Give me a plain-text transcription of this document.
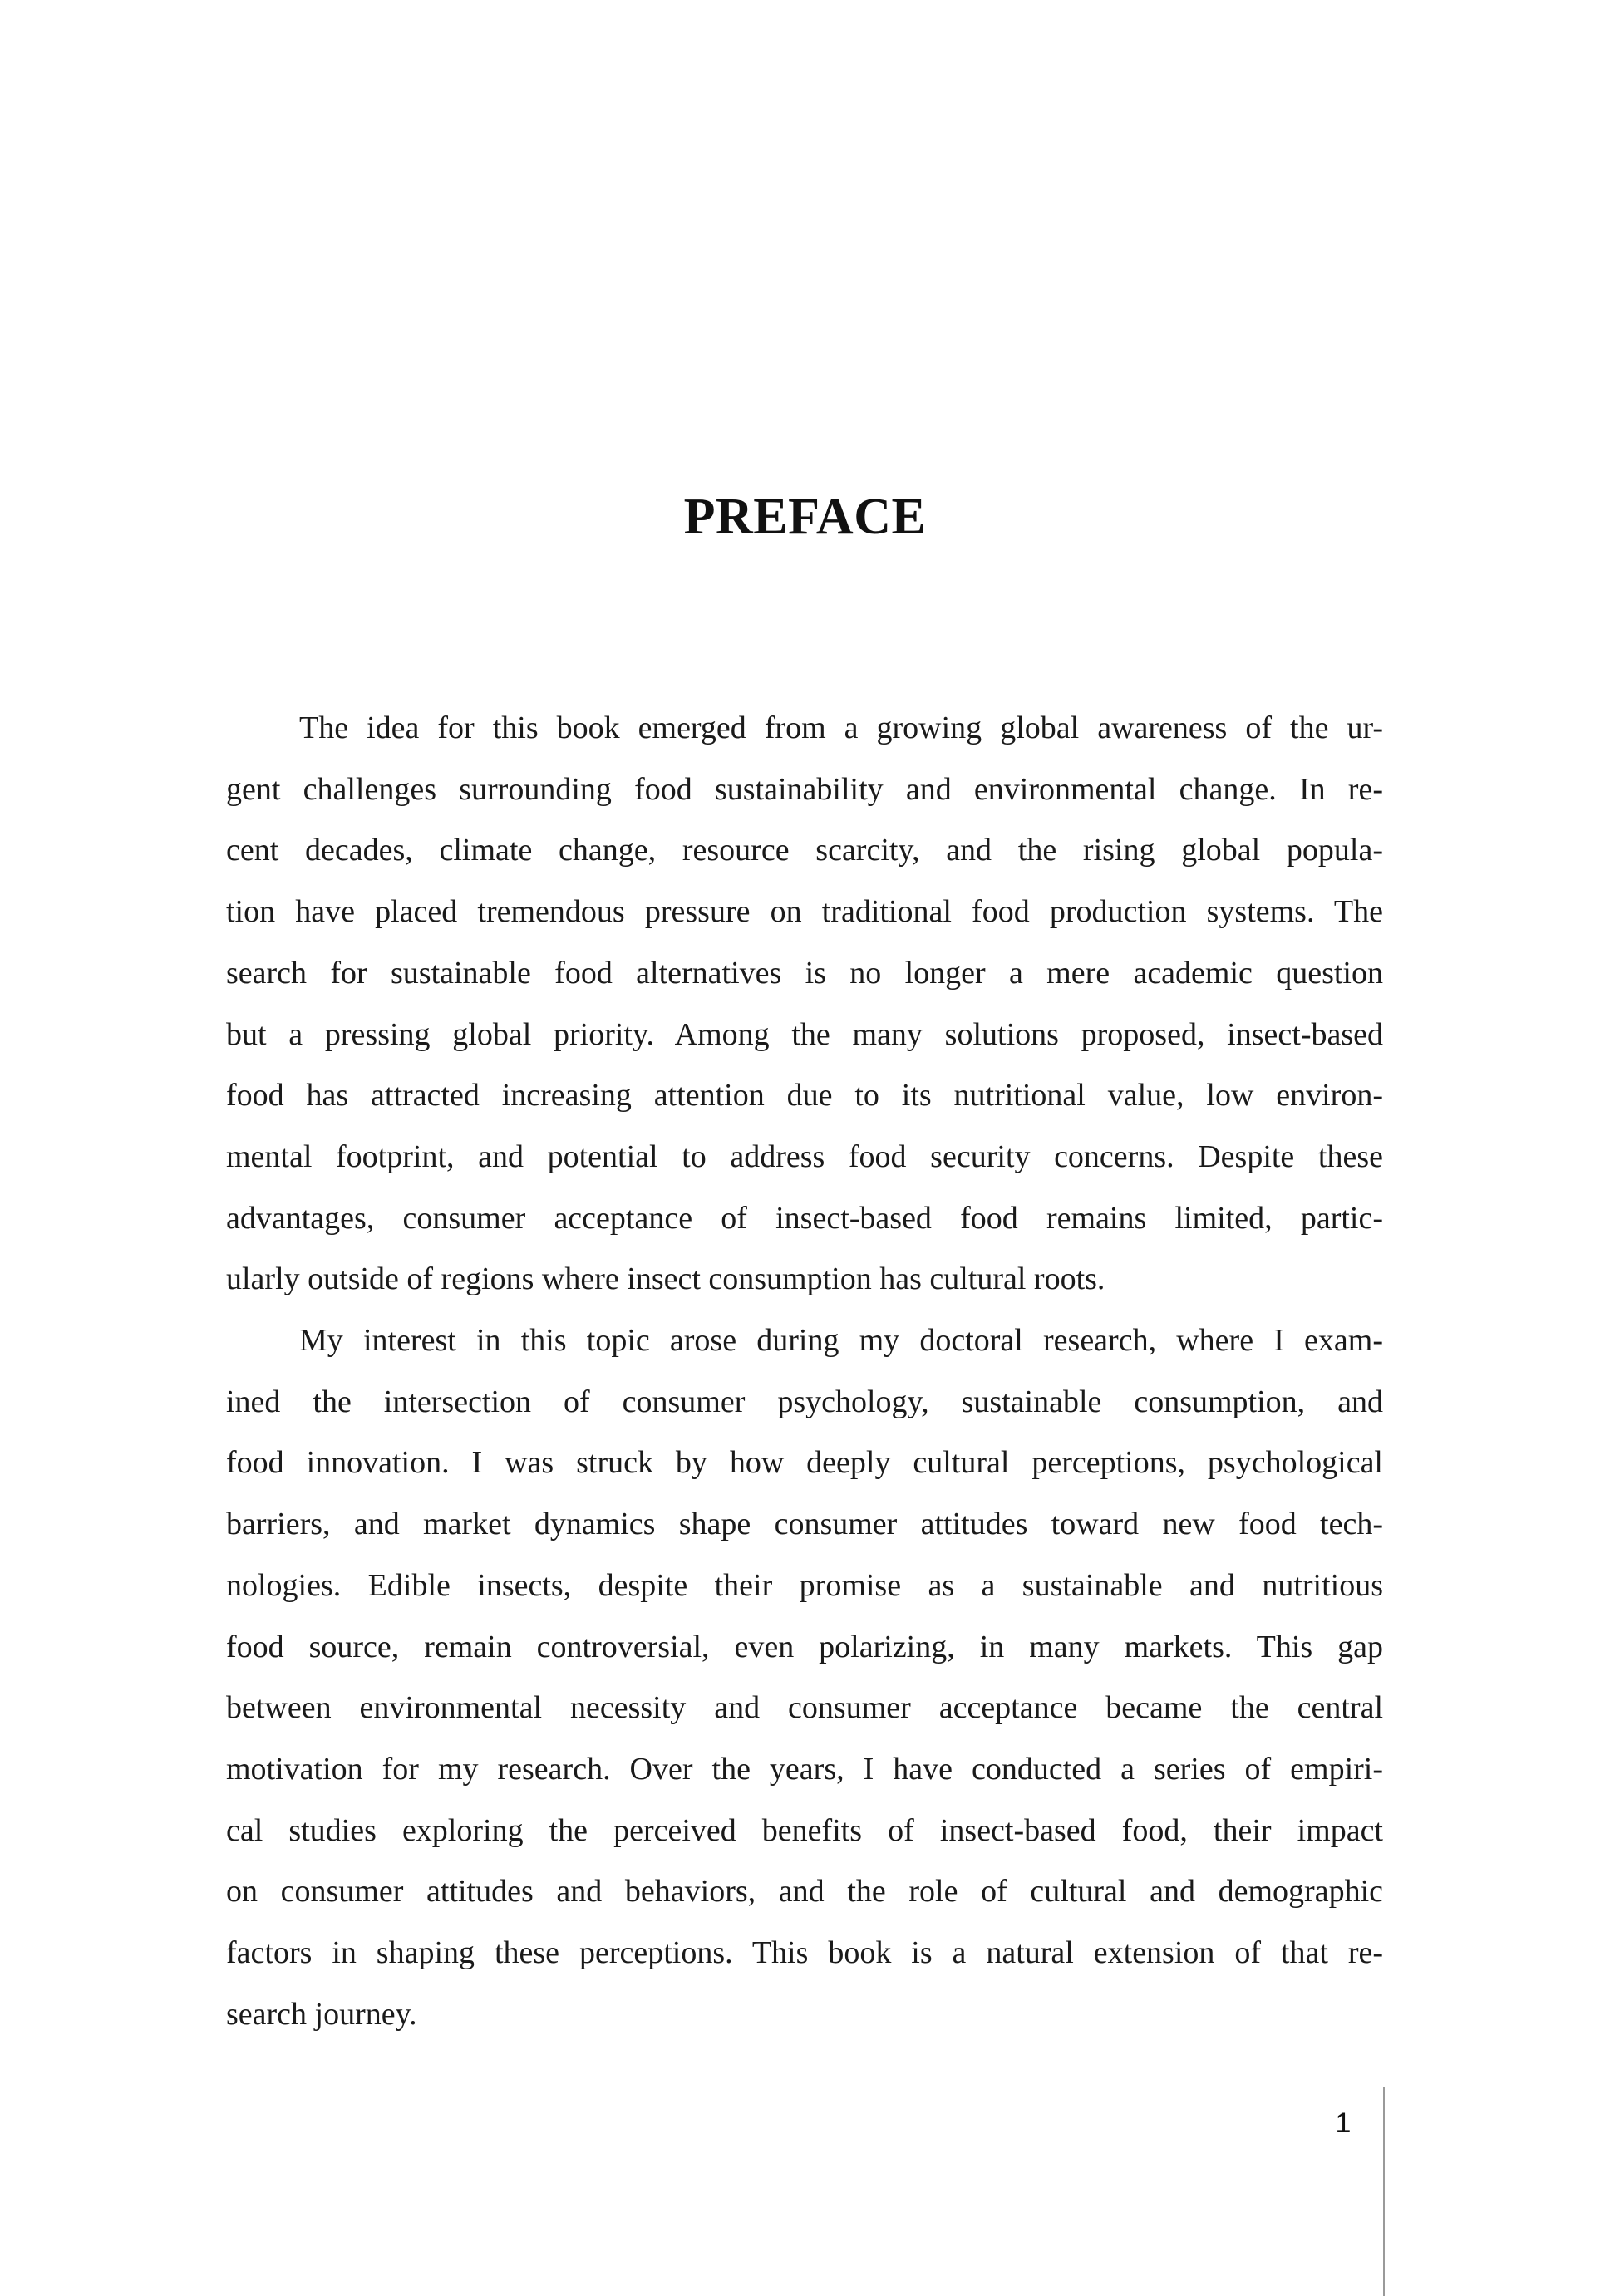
PREFACE
The idea for this book emerged from a growing global awareness of the ur-
gent challenges surrounding food sustainability and environmental change. In re-
cent decades, climate change, resource scarcity, and the rising global popula-
tion have placed tremendous pressure on traditional food production systems. The
search for sustainable food alternatives is no longer a mere academic question
but a pressing global priority. Among the many solutions proposed, insect-based
food has attracted increasing attention due to its nutritional value, low environ-
mental footprint, and potential to address food security concerns. Despite these
advantages, consumer acceptance of insect-based food remains limited, partic-
ularly outside of regions where insect consumption has cultural roots.
My interest in this topic arose during my doctoral research, where I exam-
ined the intersection of consumer psychology, sustainable consumption, and
food innovation. I was struck by how deeply cultural perceptions, psychological
barriers, and market dynamics shape consumer attitudes toward new food tech-
nologies. Edible insects, despite their promise as a sustainable and nutritious
food source, remain controversial, even polarizing, in many markets. This gap
between environmental necessity and consumer acceptance became the central
motivation for my research. Over the years, I have conducted a series of empiri-
cal studies exploring the perceived benefits of insect-based food, their impact
on consumer attitudes and behaviors, and the role of cultural and demographic
factors in shaping these perceptions. This book is a natural extension of that re-
search journey.
1
